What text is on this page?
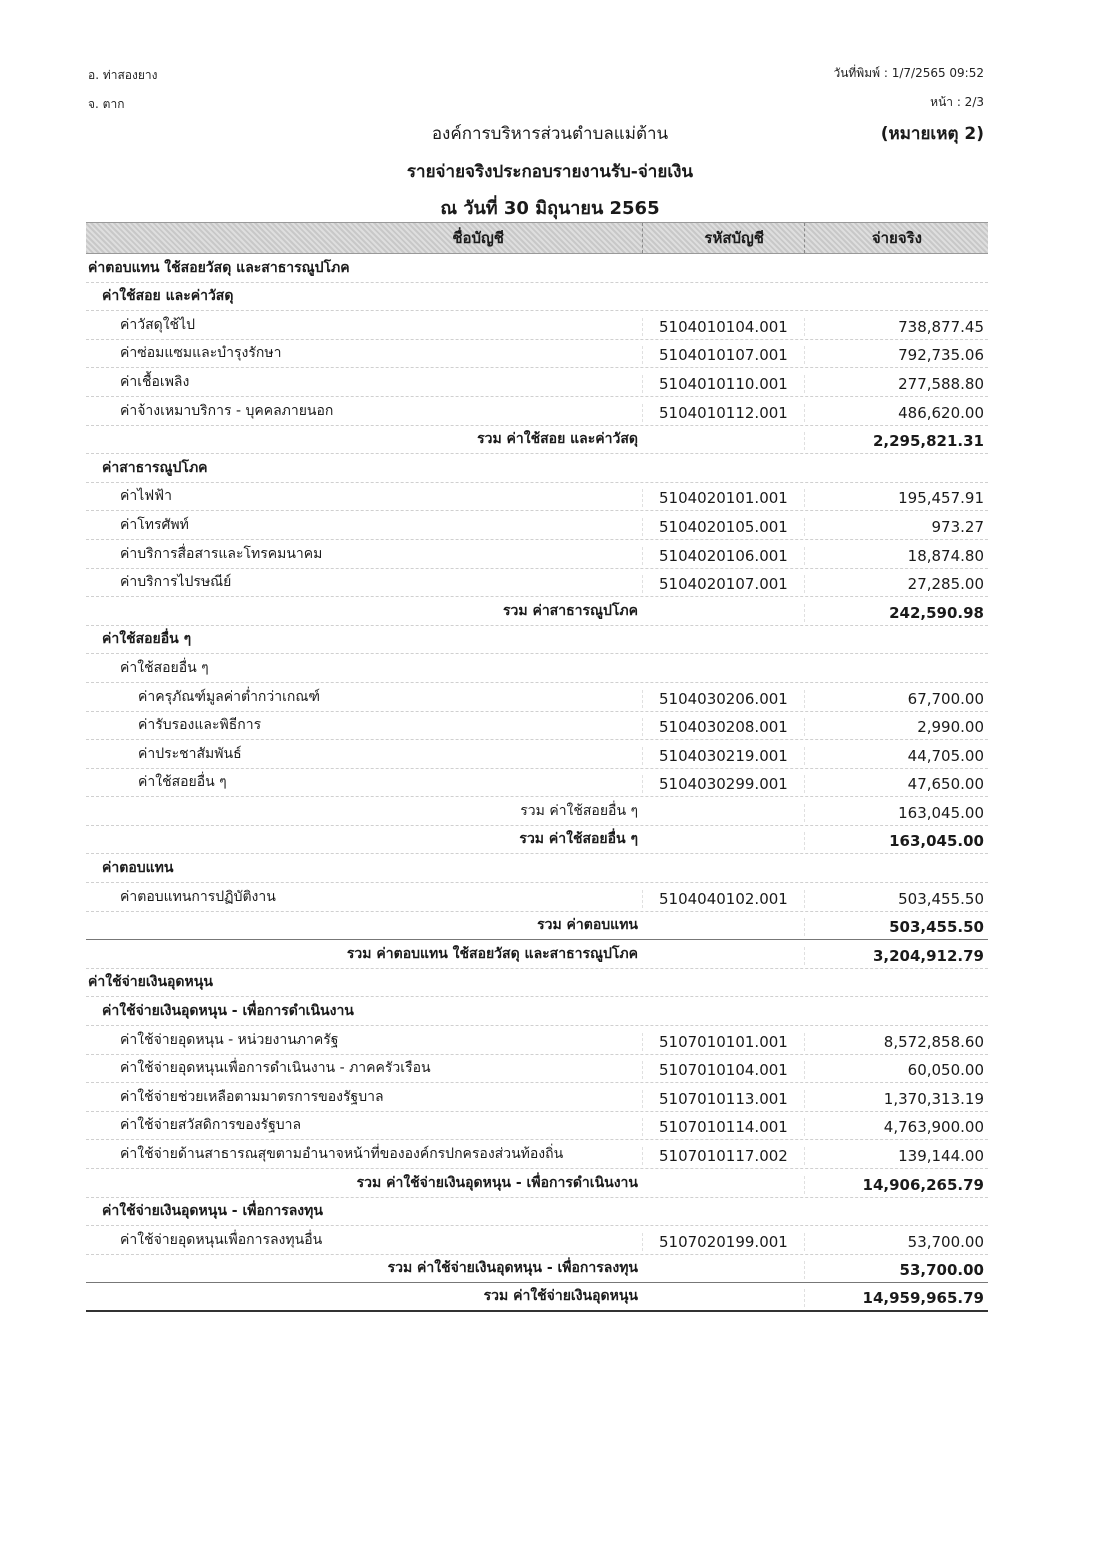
อ. ท่าสองยาง
จ. ตาก
วันที่พิมพ์ : 1/7/2565 09:52
หน้า : 2/3
องค์การบริหารส่วนตำบลแม่ต้าน	(หมายเหตุ 2)
รายจ่ายจริงประกอบรายงานรับ-จ่ายเงิน
ณ วันที่ 30 มิถุนายน 2565
ชื่อบัญชี	รหัสบัญชี	จ่ายจริง
ค่าตอบแทน ใช้สอยวัสดุ และสาธารณูปโภค
ค่าใช้สอย และค่าวัสดุ
ค่าวัสดุใช้ไป	5104010104.001	738,877.45
ค่าซ่อมแซมและบำรุงรักษา	5104010107.001	792,735.06
ค่าเชื้อเพลิง	5104010110.001	277,588.80
ค่าจ้างเหมาบริการ - บุคคลภายนอก	5104010112.001	486,620.00
รวม ค่าใช้สอย และค่าวัสดุ	2,295,821.31
ค่าสาธารณูปโภค
ค่าไฟฟ้า	5104020101.001	195,457.91
ค่าโทรศัพท์	5104020105.001	973.27
ค่าบริการสื่อสารและโทรคมนาคม	5104020106.001	18,874.80
ค่าบริการไปรษณีย์	5104020107.001	27,285.00
รวม ค่าสาธารณูปโภค	242,590.98
ค่าใช้สอยอื่น ๆ
ค่าใช้สอยอื่น ๆ
ค่าครุภัณฑ์มูลค่าต่ำกว่าเกณฑ์	5104030206.001	67,700.00
ค่ารับรองและพิธีการ	5104030208.001	2,990.00
ค่าประชาสัมพันธ์	5104030219.001	44,705.00
ค่าใช้สอยอื่น ๆ	5104030299.001	47,650.00
รวม ค่าใช้สอยอื่น ๆ	163,045.00
รวม ค่าใช้สอยอื่น ๆ	163,045.00
ค่าตอบแทน
ค่าตอบแทนการปฏิบัติงาน	5104040102.001	503,455.50
รวม ค่าตอบแทน	503,455.50
รวม ค่าตอบแทน ใช้สอยวัสดุ และสาธารณูปโภค	3,204,912.79
ค่าใช้จ่ายเงินอุดหนุน
ค่าใช้จ่ายเงินอุดหนุน - เพื่อการดำเนินงาน
ค่าใช้จ่ายอุดหนุน - หน่วยงานภาครัฐ	5107010101.001	8,572,858.60
ค่าใช้จ่ายอุดหนุนเพื่อการดำเนินงาน - ภาคครัวเรือน	5107010104.001	60,050.00
ค่าใช้จ่ายช่วยเหลือตามมาตรการของรัฐบาล	5107010113.001	1,370,313.19
ค่าใช้จ่ายสวัสดิการของรัฐบาล	5107010114.001	4,763,900.00
ค่าใช้จ่ายด้านสาธารณสุขตามอำนาจหน้าที่ขององค์กรปกครองส่วนท้องถิ่น	5107010117.002	139,144.00
รวม ค่าใช้จ่ายเงินอุดหนุน - เพื่อการดำเนินงาน	14,906,265.79
ค่าใช้จ่ายเงินอุดหนุน - เพื่อการลงทุน
ค่าใช้จ่ายอุดหนุนเพื่อการลงทุนอื่น	5107020199.001	53,700.00
รวม ค่าใช้จ่ายเงินอุดหนุน - เพื่อการลงทุน	53,700.00
รวม ค่าใช้จ่ายเงินอุดหนุน	14,959,965.79
